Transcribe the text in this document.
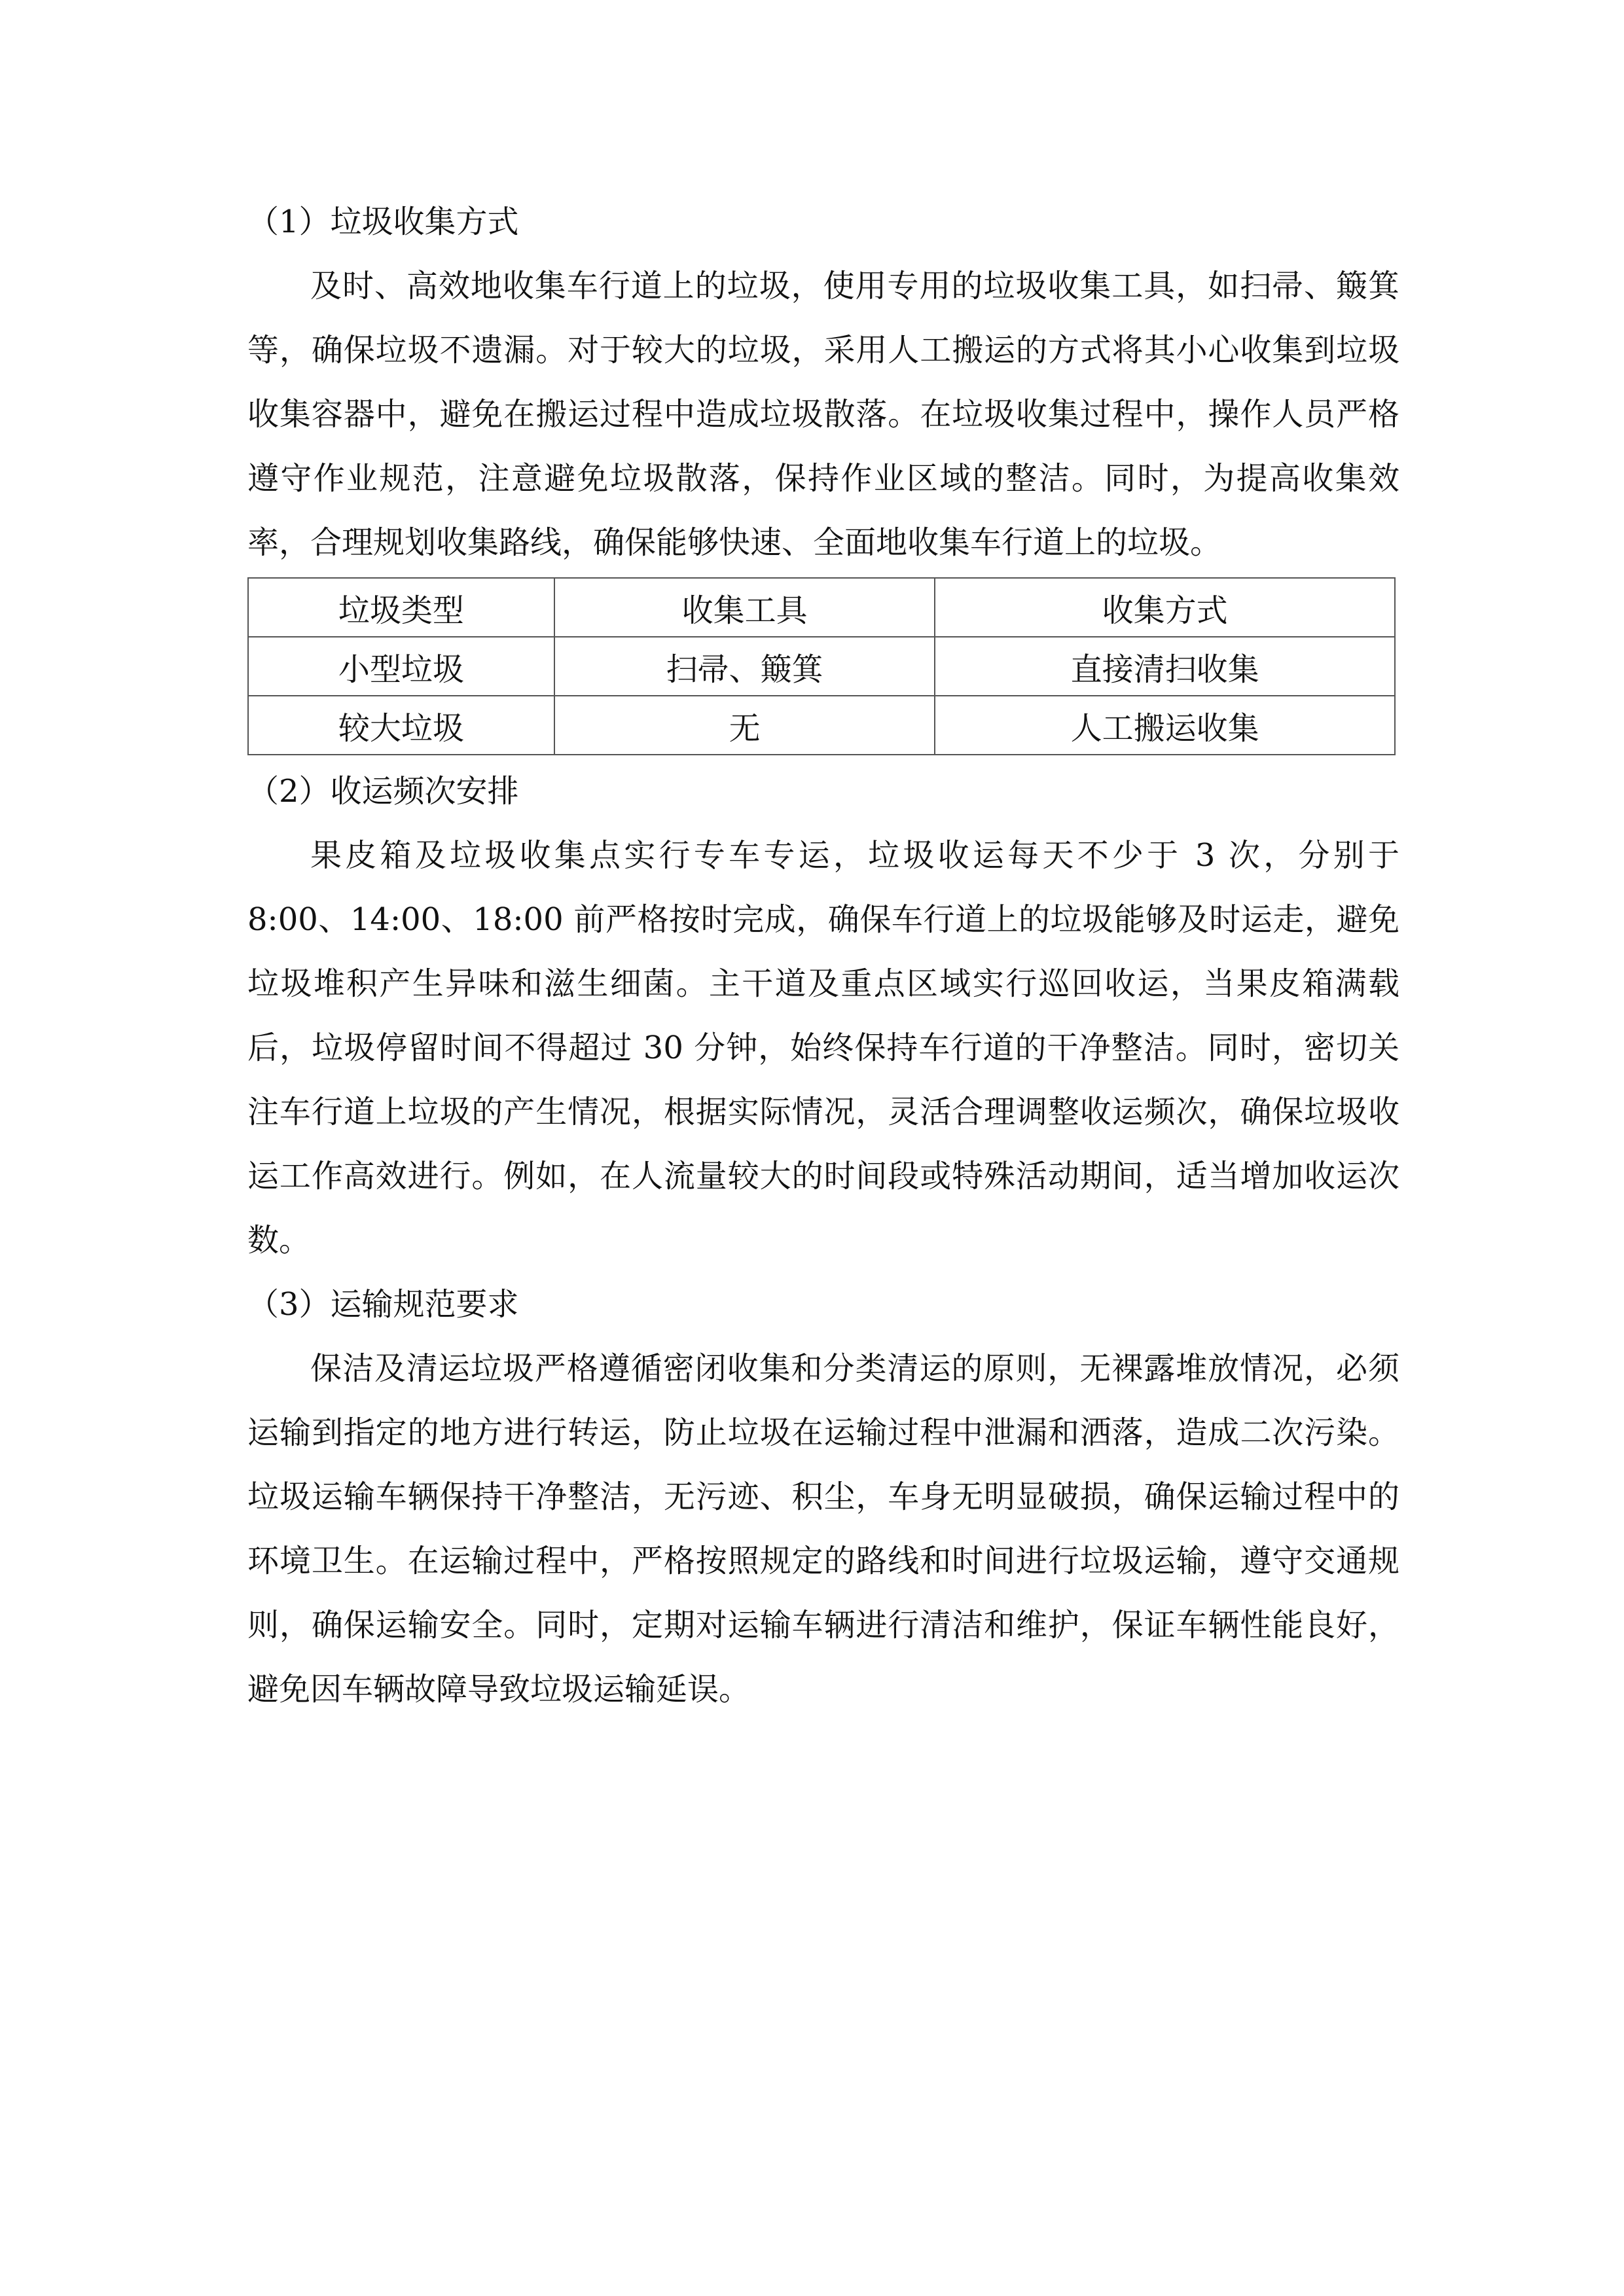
（1）垃圾收集方式

及时、高效地收集车行道上的垃圾，使用专用的垃圾收集工具，如扫帚、簸箕等，确保垃圾不遗漏。对于较大的垃圾，采用人工搬运的方式将其小心收集到垃圾收集容器中，避免在搬运过程中造成垃圾散落。在垃圾收集过程中，操作人员严格遵守作业规范，注意避免垃圾散落，保持作业区域的整洁。同时，为提高收集效率，合理规划收集路线，确保能够快速、全面地收集车行道上的垃圾。

垃圾类型	收集工具	收集方式
小型垃圾	扫帚、簸箕	直接清扫收集
较大垃圾	无	人工搬运收集

（2）收运频次安排

果皮箱及垃圾收集点实行专车专运，垃圾收运每天不少于 3 次，分别于 8:00、14:00、18:00 前严格按时完成，确保车行道上的垃圾能够及时运走，避免垃圾堆积产生异味和滋生细菌。主干道及重点区域实行巡回收运，当果皮箱满载后，垃圾停留时间不得超过 30 分钟，始终保持车行道的干净整洁。同时，密切关注车行道上垃圾的产生情况，根据实际情况，灵活合理调整收运频次，确保垃圾收运工作高效进行。例如，在人流量较大的时间段或特殊活动期间，适当增加收运次数。

（3）运输规范要求

保洁及清运垃圾严格遵循密闭收集和分类清运的原则，无裸露堆放情况，必须运输到指定的地方进行转运，防止垃圾在运输过程中泄漏和洒落，造成二次污染。垃圾运输车辆保持干净整洁，无污迹、积尘，车身无明显破损，确保运输过程中的环境卫生。在运输过程中，严格按照规定的路线和时间进行垃圾运输，遵守交通规则，确保运输安全。同时，定期对运输车辆进行清洁和维护，保证车辆性能良好，避免因车辆故障导致垃圾运输延误。
